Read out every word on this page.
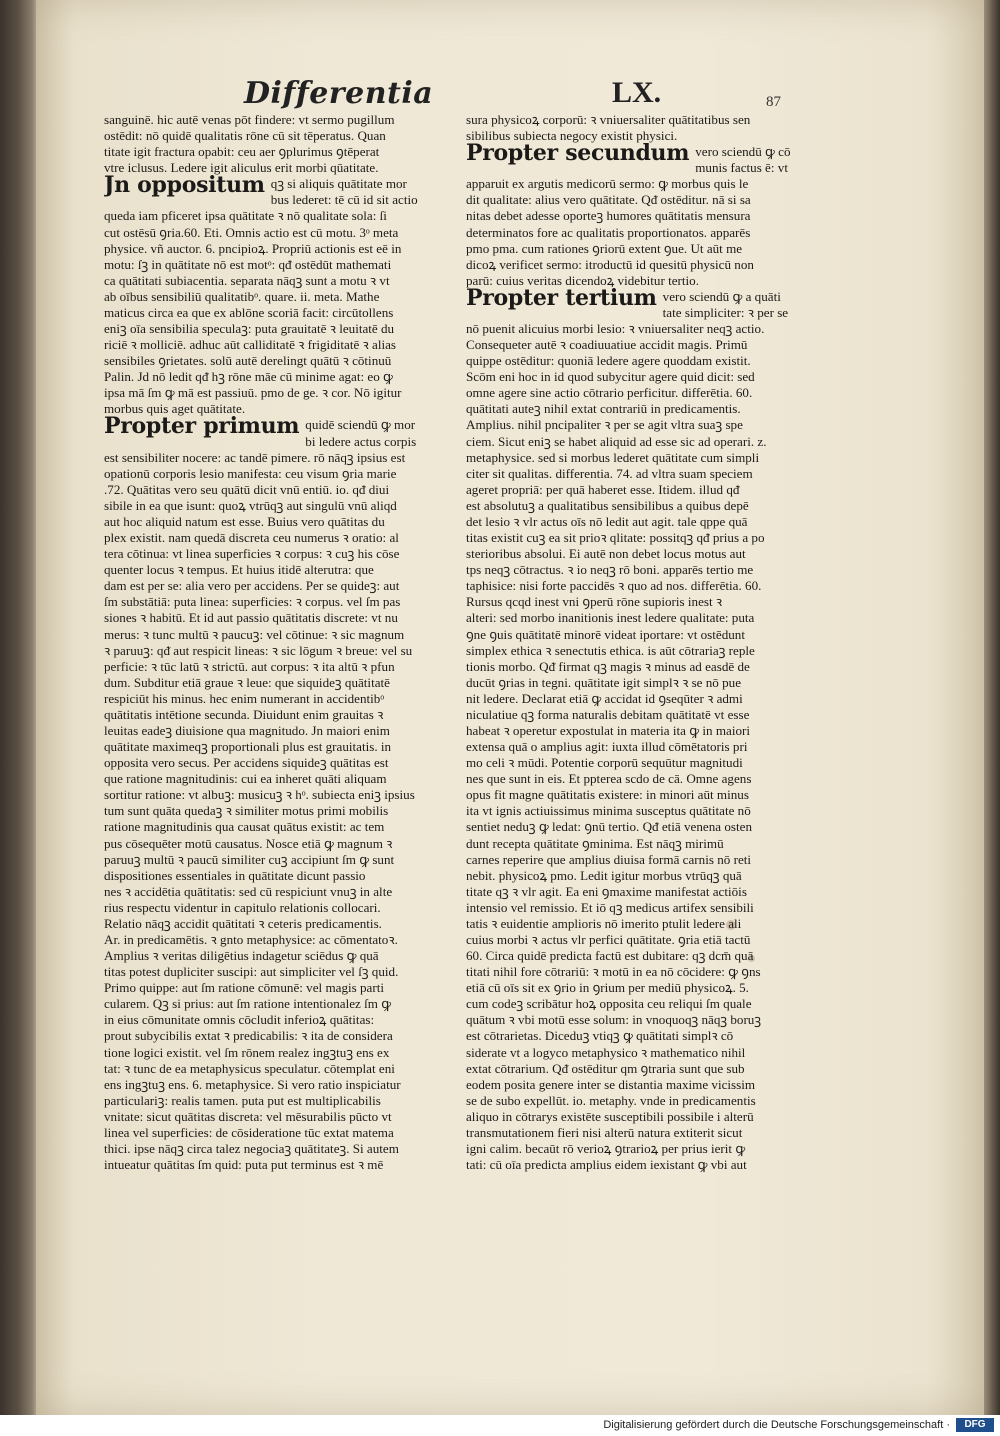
Differentia	LX.	87
sanguinē. hic autē venas pōt findere: vt sermo pugillum
ostēdit: nō quidē qualitatis rōne cū sit tēperatus. Quan
titate igit fractura opabit: ceu aer ꝯplurimus ꝯtēperat
vtre iclusus. Ledere igit aliculus erit morbi qūatitate.
Jn oppositum qꝫ si aliquis quātitate mor
bus lederet: tē cū id sit actio
queda iam pficeret ipsa quātitate ꝛ nō qualitate sola: ſi
cut ostēsū ꝯria.60. Eti. Omnis actio est cū motu. 3ᵒ meta
physice. vñ auctor. 6. pncipioꝝ. Propriū actionis est eē in
motu: ſꝫ in quātitate nō est motᵒ: qᵭ ostēdūt mathemati
ca quātitati subiacentia. separata nāqꝫ sunt a motu ꝛ vt
ab oībus sensibiliū qualitatibᵒ. quare. ii. meta. Mathe
maticus circa ea que ex ablōne scoriā facit: circūtollens
eniꝫ oīa sensibilia speculaꝫ: puta grauitatē ꝛ leuitatē du
riciē ꝛ molliciē. adhuc aūt calliditatē ꝛ frigiditatē ꝛ alias
sensibiles ꝯrietates. solū autē derelingt quātū ꝛ cōtinuū
Palin. Jd nō ledit qᵭ hꝫ rōne māe cū minime agat: eo ꝙ
ipsa mā ſm ꝙ mā est passiuū. pmo de ge. ꝛ cor. Nō igitur
morbus quis aget quātitate.
Propter primum quidē sciendū ꝙ mor
bi ledere actus corpis
est sensibiliter nocere: ac tandē pimere. rō nāqꝫ ipsius est
opationū corporis lesio manifesta: ceu visum ꝯria marie
.72. Quātitas vero seu quātū dicit vnū entiū. io. qᵭ diui
sibile in ea que isunt: quoꝝ vtrūqꝫ aut singulū vnū aliqd
aut hoc aliquid natum est esse. Buius vero quātitas du
plex existit. nam quedā discreta ceu numerus ꝛ oratio: al
tera cōtinua: vt linea superficies ꝛ corpus: ꝛ cuꝫ his cōse
quenter locus ꝛ tempus. Et huius itidē alterutra: que
dam est per se: alia vero per accidens. Per se quideꝫ: aut
ſm substātiā: puta linea: superficies: ꝛ corpus. vel ſm pas
siones ꝛ habitū. Et id aut passio quātitatis discrete: vt nu
merus: ꝛ tunc multū ꝛ paucuꝫ: vel cōtinue: ꝛ sic magnum
ꝛ paruuꝫ: qᵭ aut respicit lineas: ꝛ sic lōgum ꝛ breue: vel su
perficie: ꝛ tūc latū ꝛ strictū. aut corpus: ꝛ ita altū ꝛ pfun
dum. Subditur etiā graue ꝛ leue: que siquideꝫ quātitatē
respiciūt his minus. hec enim numerant in accidentibᵒ
quātitatis intētione secunda. Diuidunt enim grauitas ꝛ
leuitas eadeꝫ diuisione qua magnitudo. Jn maiori enim
quātitate maximeqꝫ proportionali plus est grauitatis. in
opposita vero secus. Per accidens siquideꝫ quātitas est
que ratione magnitudinis: cui ea inheret quāti aliquam
sortitur ratione: vt albuꝫ: musicuꝫ ꝛ hᵒ. subiecta eniꝫ ipsius
tum sunt quāta quedaꝫ ꝛ similiter motus primi mobilis
ratione magnitudinis qua causat quātus existit: ac tem
pus cōsequēter motū causatus. Nosce etiā ꝙ magnum ꝛ
paruuꝫ multū ꝛ paucū similiter cuꝫ accipiunt ſm ꝙ sunt
dispositiones essentiales in quātitate dicunt passio
nes ꝛ accidētia quātitatis: sed cū respiciunt vnuꝫ in alte
rius respectu videntur in capitulo relationis collocari.
Relatio nāqꝫ accidit quātitati ꝛ ceteris predicamentis.
Ar. in predicamētis. ꝛ gnto metaphysice: ac cōmentatoꝛ.
Amplius ꝛ veritas diligētius indagetur sciēdus ꝙ quā
titas potest dupliciter suscipi: aut simpliciter vel ſꝫ quid.
Primo quippe: aut ſm ratione cōmunē: vel magis parti
cularem. Qꝫ si prius: aut ſm ratione intentionalez ſm ꝙ
in eius cōmunitate omnis cōcludit inferioꝝ quātitas:
prout subycibilis extat ꝛ predicabilis: ꝛ ita de considera
tione logici existit. vel ſm rōnem realez ingꝫtuꝫ ens ex
tat: ꝛ tunc de ea metaphysicus speculatur. cōtemplat eni
ens ingꝫtuꝫ ens. 6. metaphysice. Si vero ratio inspiciatur
particulariꝫ: realis tamen. puta put est multiplicabilis
vnitate: sicut quātitas discreta: vel mēsurabilis pūcto vt
linea vel superficies: de cōsideratione tūc extat matema
thici. ipse nāqꝫ circa talez negociaꝫ quātitateꝫ. Si autem
intueatur quātitas ſm quid: puta put terminus est ꝛ mē
sura physicoꝝ corporū: ꝛ vniuersaliter quātitatibus sen
sibilibus subiecta negocy existit physici.
Propter secundum vero sciendū ꝙ cō
munis factus ē: vt
apparuit ex argutis medicorū sermo: ꝙ morbus quis le
dit qualitate: alius vero quātitate. Qᵭ ostēditur. nā si sa
nitas debet adesse oporteꝫ humores quātitatis mensura
determinatos fore ac qualitatis proportionatos. apparēs
pmo pma. cum rationes ꝯriorū extent ꝯue. Ut aūt me
dicoꝝ verificet sermo: itroductū id quesitū physicū non
parū: cuius veritas dicendoꝝ videbitur tertio.
Propter tertium vero sciendū ꝙ a quāti
tate simpliciter: ꝛ per se
nō puenit alicuius morbi lesio: ꝛ vniuersaliter neqꝫ actio.
Consequeter autē ꝛ coadiuuatiue accidit magis. Primū
quippe ostēditur: quoniā ledere agere quoddam existit.
Scōm eni hoc in id quod subycitur agere quid dicit: sed
omne agere sine actio cōtrario perficitur. differētia. 60.
quātitati auteꝫ nihil extat contrariū in predicamentis.
Amplius. nihil pncipaliter ꝛ per se agit vltra suaꝫ spe
ciem. Sicut eniꝫ se habet aliquid ad esse sic ad operari. z.
metaphysice. sed si morbus lederet quātitate cum simpli
citer sit qualitas. differentia. 74. ad vltra suam speciem
ageret propriā: per quā haberet esse. Itidem. illud qᵭ
est absolutuꝫ a qualitatibus sensibilibus a quibus depē
det lesio ꝛ vlr actus oīs nō ledit aut agit. tale qppe quā
titas existit cuꝫ ea sit prioꝛ qlitate: possitqꝫ qᵭ prius a po
sterioribus absolui. Ei autē non debet locus motus aut
tps neqꝫ cōtractus. ꝛ io neqꝫ rō boni. apparēs tertio me
taphisice: nisi forte paccidēs ꝛ quo ad nos. differētia. 60.
Rursus qcqd inest vni ꝯperū rōne supioris inest ꝛ
alteri: sed morbo inanitionis inest ledere qualitate: puta
ꝯne ꝯuis quātitatē minorē videat iportare: vt ostēdunt
simplex ethica ꝛ senectutis ethica. is aūt cōtrariaꝫ reple
tionis morbo. Qᵭ firmat qꝫ magis ꝛ minus ad easdē de
ducūt ꝯrias in tegni. quātitate igit simplꝛ ꝛ se nō pue
nit ledere. Declarat etiā ꝙ accidat id ꝯseqūter ꝛ admi
niculatiue qꝫ forma naturalis debitam quātitatē vt esse
habeat ꝛ operetur expostulat in materia ita ꝙ in maiori
extensa quā o amplius agit: iuxta illud cōmētatoris pri
mo celi ꝛ mūdi. Potentie corporū sequūtur magnitudi
nes que sunt in eis. Et ppterea scdo de cā. Omne agens
opus fit magne quātitatis existere: in minori aūt minus
ita vt ignis actiuissimus minima susceptus quātitate nō
sentiet neduꝫ ꝙ ledat: ꝯnū tertio. Qᵭ etiā venena osten
dunt recepta quātitate ꝯminima. Est nāqꝫ mirimū
carnes reperire que amplius diuisa formā carnis nō reti
nebit. physicoꝝ pmo. Ledit igitur morbus vtrūqꝫ quā
titate qꝫ ꝛ vlr agit. Ea eni ꝯmaxime manifestat actiōis
intensio vel remissio. Et iō qꝫ medicus artifex sensibili
tatis ꝛ euidentie amplioris nō imerito ptulit ledere ali
cuius morbi ꝛ actus vlr perfici quātitate. ꝯria etiā tactū
60. Circa quidē predicta factū est dubitare: qꝫ dcm̄ quā
titati nihil fore cōtrariū: ꝛ motū in ea nō cōcidere: ꝙ ꝯns
etiā cū oīs sit ex ꝯrio in ꝯrium per mediū physicoꝝ. 5.
cum codeꝫ scribātur hoꝝ opposita ceu reliqui ſm quale
quātum ꝛ vbi motū esse solum: in vnoquoqꝫ nāqꝫ boruꝫ
est cōtrarietas. Diceduꝫ vtiqꝫ ꝙ quātitati simplꝛ cō
siderate vt a logyco metaphysico ꝛ mathematico nihil
extat cōtrarium. Qᵭ ostēditur qm ꝯtraria sunt que sub
eodem posita genere inter se distantia maxime vicissim
se de subo expellūt. io. metaphy. vnde in predicamentis
aliquo in cōtrarys existēte susceptibili possibile i alterū
transmutationem fieri nisi alterū natura extiterit sicut
igni calim. becaūt rō verioꝝ ꝯtrarioꝝ per prius ierit ꝙ
tati: cū oīa predicta amplius eidem iexistant ꝙ vbi aut
Digitalisierung gefördert durch die Deutsche Forschungsgemeinschaft ·	DFG
